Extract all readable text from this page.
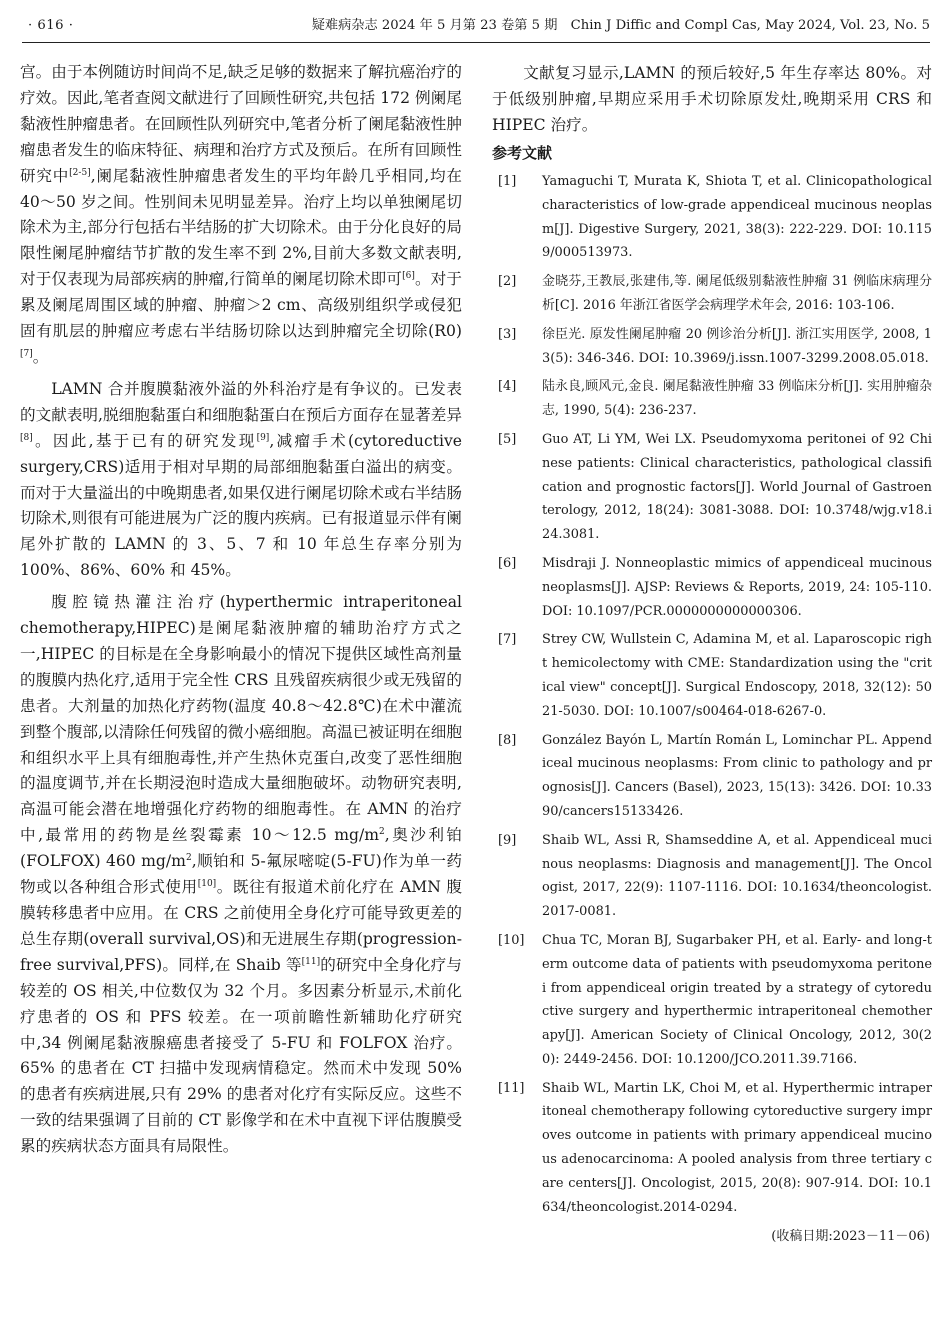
· 616 ·	疑难病杂志 2024 年 5 月第 23 卷第 5 期　Chin J Diffic and Compl Cas, May 2024, Vol. 23, No. 5

宫。由于本例随访时间尚不足,缺乏足够的数据来了解抗癌治疗的疗效。因此,笔者查阅文献进行了回顾性研究,共包括 172 例阑尾黏液性肿瘤患者。在回顾性队列研究中,笔者分析了阑尾黏液性肿瘤患者发生的临床特征、病理和治疗方式及预后。在所有回顾性研究中[2-5],阑尾黏液性肿瘤患者发生的平均年龄几乎相同,均在 40～50 岁之间。性别间未见明显差异。治疗上均以单独阑尾切除术为主,部分行包括右半结肠的扩大切除术。由于分化良好的局限性阑尾肿瘤结节扩散的发生率不到 2%,目前大多数文献表明,对于仅表现为局部疾病的肿瘤,行简单的阑尾切除术即可[6]。对于累及阑尾周围区域的肿瘤、肿瘤＞2 cm、高级别组织学或侵犯固有肌层的肿瘤应考虑右半结肠切除以达到肿瘤完全切除(R0)[7]。

LAMN 合并腹膜黏液外溢的外科治疗是有争议的。已发表的文献表明,脱细胞黏蛋白和细胞黏蛋白在预后方面存在显著差异[8]。因此,基于已有的研究发现[9],减瘤手术(cytoreductive surgery,CRS)适用于相对早期的局部细胞黏蛋白溢出的病变。而对于大量溢出的中晚期患者,如果仅进行阑尾切除术或右半结肠切除术,则很有可能进展为广泛的腹内疾病。已有报道显示伴有阑尾外扩散的 LAMN 的 3、5、7 和 10 年总生存率分别为 100%、86%、60% 和 45%。

腹腔镜热灌注治疗(hyperthermic intraperitoneal chemotherapy,HIPEC)是阑尾黏液肿瘤的辅助治疗方式之一,HIPEC 的目标是在全身影响最小的情况下提供区域性高剂量的腹膜内热化疗,适用于完全性 CRS 且残留疾病很少或无残留的患者。大剂量的加热化疗药物(温度 40.8～42.8℃)在术中灌流到整个腹部,以清除任何残留的微小癌细胞。高温已被证明在细胞和组织水平上具有细胞毒性,并产生热休克蛋白,改变了恶性细胞的温度调节,并在长期浸泡时造成大量细胞破坏。动物研究表明,高温可能会潜在地增强化疗药物的细胞毒性。在 AMN 的治疗中,最常用的药物是丝裂霉素 10～12.5 $mg/m^2$,奥沙利铂(FOLFOX) 460 $mg/m^2$,顺铂和 5-氟尿嘧啶(5-FU)作为单一药物或以各种组合形式使用[10]。既往有报道术前化疗在 AMN 腹膜转移患者中应用。在 CRS 之前使用全身化疗可能导致更差的总生存期(overall survival,OS)和无进展生存期(progression-free survival,PFS)。同样,在 Shaib 等[11]的研究中全身化疗与较差的 OS 相关,中位数仅为 32 个月。多因素分析显示,术前化疗患者的 OS 和 PFS 较差。在一项前瞻性新辅助化疗研究中,34 例阑尾黏液腺癌患者接受了 5-FU 和 FOLFOX 治疗。65% 的患者在 CT 扫描中发现病情稳定。然而术中发现 50% 的患者有疾病进展,只有 29% 的患者对化疗有实际反应。这些不一致的结果强调了目前的 CT 影像学和在术中直视下评估腹膜受累的疾病状态方面具有局限性。

文献复习显示,LAMN 的预后较好,5 年生存率达 80%。对于低级别肿瘤,早期应采用手术切除原发灶,晚期采用 CRS 和 HIPEC 治疗。

参考文献
[1]	Yamaguchi T, Murata K, Shiota T, et al. Clinicopathological characteristics of low-grade appendiceal mucinous neoplasm[J]. Digestive Surgery, 2021, 38(3): 222-229. DOI: 10.1159/000513973.
[2]	金晓芬,王教辰,张建伟,等. 阑尾低级别黏液性肿瘤 31 例临床病理分析[C]. 2016 年浙江省医学会病理学术年会, 2016: 103-106.
[3]	徐臣光. 原发性阑尾肿瘤 20 例诊治分析[J]. 浙江实用医学, 2008, 13(5): 346-346. DOI: 10.3969/j.issn.1007-3299.2008.05.018.
[4]	陆永良,顾风元,金良. 阑尾黏液性肿瘤 33 例临床分析[J]. 实用肿瘤杂志, 1990, 5(4): 236-237.
[5]	Guo AT, Li YM, Wei LX. Pseudomyxoma peritonei of 92 Chinese patients: Clinical characteristics, pathological classification and prognostic factors[J]. World Journal of Gastroenterology, 2012, 18(24): 3081-3088. DOI: 10.3748/wjg.v18.i24.3081.
[6]	Misdraji J. Nonneoplastic mimics of appendiceal mucinous neoplasms[J]. AJSP: Reviews & Reports, 2019, 24: 105-110. DOI: 10.1097/PCR.0000000000000306.
[7]	Strey CW, Wullstein C, Adamina M, et al. Laparoscopic right hemicolectomy with CME: Standardization using the "critical view" concept[J]. Surgical Endoscopy, 2018, 32(12): 5021-5030. DOI: 10.1007/s00464-018-6267-0.
[8]	González Bayón L, Martín Román L, Lominchar PL. Appendiceal mucinous neoplasms: From clinic to pathology and prognosis[J]. Cancers (Basel), 2023, 15(13): 3426. DOI: 10.3390/cancers15133426.
[9]	Shaib WL, Assi R, Shamseddine A, et al. Appendiceal mucinous neoplasms: Diagnosis and management[J]. The Oncologist, 2017, 22(9): 1107-1116. DOI: 10.1634/theoncologist.2017-0081.
[10]	Chua TC, Moran BJ, Sugarbaker PH, et al. Early- and long-term outcome data of patients with pseudomyxoma peritonei from appendiceal origin treated by a strategy of cytoreductive surgery and hyperthermic intraperitoneal chemotherapy[J]. American Society of Clinical Oncology, 2012, 30(20): 2449-2456. DOI: 10.1200/JCO.2011.39.7166.
[11]	Shaib WL, Martin LK, Choi M, et al. Hyperthermic intraperitoneal chemotherapy following cytoreductive surgery improves outcome in patients with primary appendiceal mucinous adenocarcinoma: A pooled analysis from three tertiary care centers[J]. Oncologist, 2015, 20(8): 907-914. DOI: 10.1634/theoncologist.2014-0294.
(收稿日期:2023－11－06)
